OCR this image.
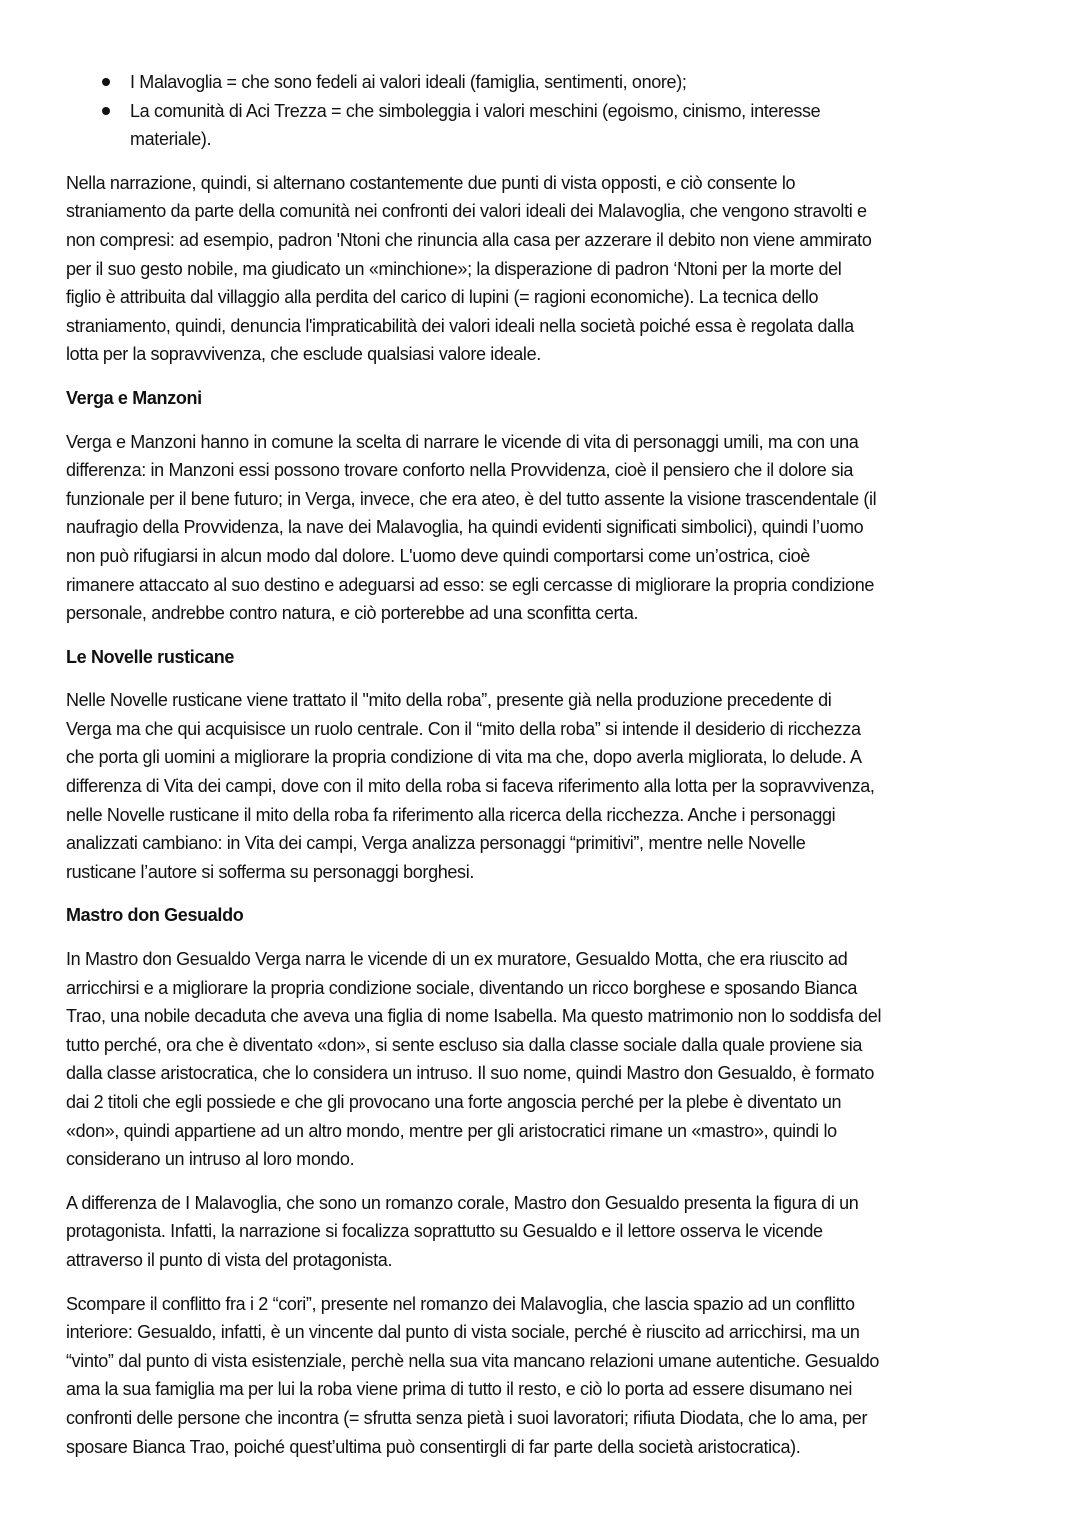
I Malavoglia = che sono fedeli ai valori ideali (famiglia, sentimenti, onore);
La comunità di Aci Trezza = che simboleggia i valori meschini (egoismo, cinismo, interesse
materiale).
Nella narrazione, quindi, si alternano costantemente due punti di vista opposti, e ciò consente lo
straniamento da parte della comunità nei confronti dei valori ideali dei Malavoglia, che vengono stravolti e
non compresi: ad esempio, padron 'Ntoni che rinuncia alla casa per azzerare il debito non viene ammirato
per il suo gesto nobile, ma giudicato un «minchione»; la disperazione di padron ‘Ntoni per la morte del
figlio è attribuita dal villaggio alla perdita del carico di lupini (= ragioni economiche). La tecnica dello
straniamento, quindi, denuncia l'impraticabilità dei valori ideali nella società poiché essa è regolata dalla
lotta per la sopravvivenza, che esclude qualsiasi valore ideale.
Verga e Manzoni
Verga e Manzoni hanno in comune la scelta di narrare le vicende di vita di personaggi umili, ma con una
differenza: in Manzoni essi possono trovare conforto nella Provvidenza, cioè il pensiero che il dolore sia
funzionale per il bene futuro; in Verga, invece, che era ateo, è del tutto assente la visione trascendentale (il
naufragio della Provvidenza, la nave dei Malavoglia, ha quindi evidenti significati simbolici), quindi l’uomo
non può rifugiarsi in alcun modo dal dolore. L'uomo deve quindi comportarsi come un’ostrica, cioè
rimanere attaccato al suo destino e adeguarsi ad esso: se egli cercasse di migliorare la propria condizione
personale, andrebbe contro natura, e ciò porterebbe ad una sconfitta certa.
Le Novelle rusticane
Nelle Novelle rusticane viene trattato il "mito della roba”, presente già nella produzione precedente di
Verga ma che qui acquisisce un ruolo centrale. Con il “mito della roba” si intende il desiderio di ricchezza
che porta gli uomini a migliorare la propria condizione di vita ma che, dopo averla migliorata, lo delude. A
differenza di Vita dei campi, dove con il mito della roba si faceva riferimento alla lotta per la sopravvivenza,
nelle Novelle rusticane il mito della roba fa riferimento alla ricerca della ricchezza. Anche i personaggi
analizzati cambiano: in Vita dei campi, Verga analizza personaggi “primitivi”, mentre nelle Novelle
rusticane l’autore si sofferma su personaggi borghesi.
Mastro don Gesualdo
In Mastro don Gesualdo Verga narra le vicende di un ex muratore, Gesualdo Motta, che era riuscito ad
arricchirsi e a migliorare la propria condizione sociale, diventando un ricco borghese e sposando Bianca
Trao, una nobile decaduta che aveva una figlia di nome Isabella. Ma questo matrimonio non lo soddisfa del
tutto perché, ora che è diventato «don», si sente escluso sia dalla classe sociale dalla quale proviene sia
dalla classe aristocratica, che lo considera un intruso. Il suo nome, quindi Mastro don Gesualdo, è formato
dai 2 titoli che egli possiede e che gli provocano una forte angoscia perché per la plebe è diventato un
«don», quindi appartiene ad un altro mondo, mentre per gli aristocratici rimane un «mastro», quindi lo
considerano un intruso al loro mondo.
A differenza de I Malavoglia, che sono un romanzo corale, Mastro don Gesualdo presenta la figura di un
protagonista. Infatti, la narrazione si focalizza soprattutto su Gesualdo e il lettore osserva le vicende
attraverso il punto di vista del protagonista.
Scompare il conflitto fra i 2 “cori”, presente nel romanzo dei Malavoglia, che lascia spazio ad un conflitto
interiore: Gesualdo, infatti, è un vincente dal punto di vista sociale, perché è riuscito ad arricchirsi, ma un
“vinto” dal punto di vista esistenziale, perchè nella sua vita mancano relazioni umane autentiche. Gesualdo
ama la sua famiglia ma per lui la roba viene prima di tutto il resto, e ciò lo porta ad essere disumano nei
confronti delle persone che incontra (= sfrutta senza pietà i suoi lavoratori; rifiuta Diodata, che lo ama, per
sposare Bianca Trao, poiché quest’ultima può consentirgli di far parte della società aristocratica).
